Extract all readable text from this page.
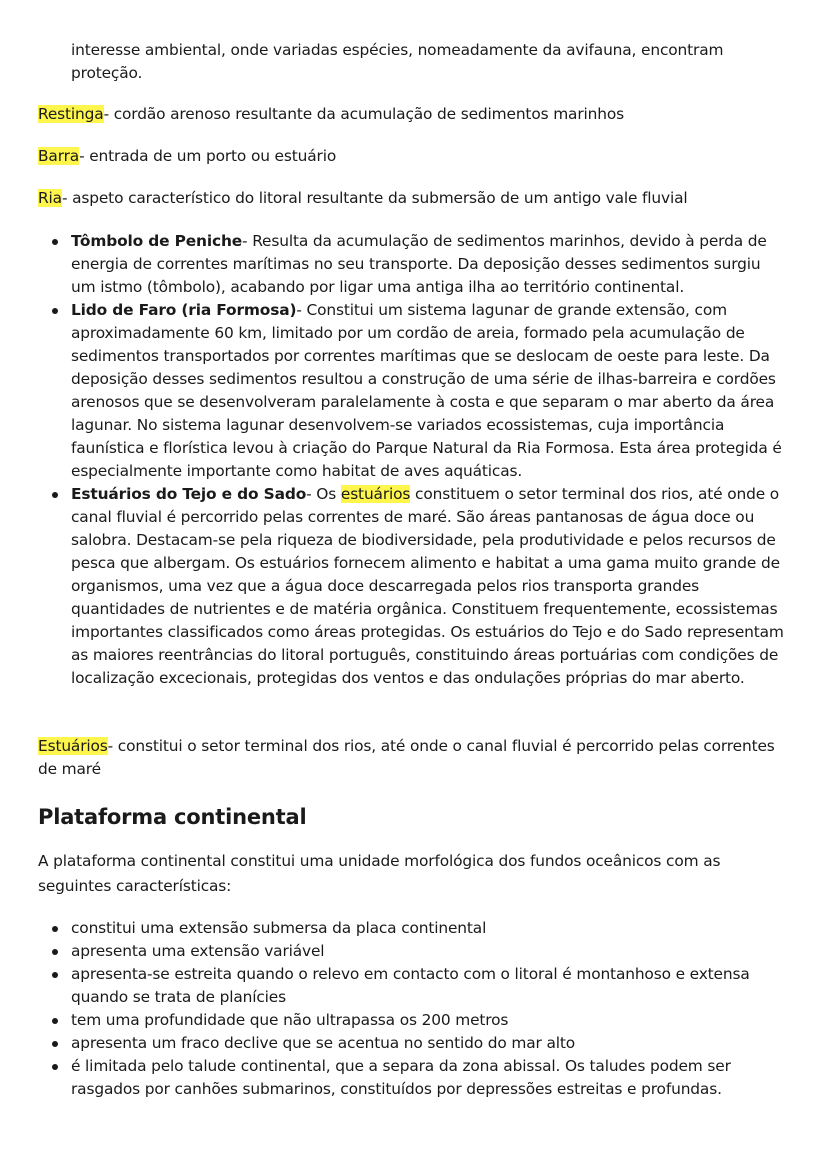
interesse ambiental, onde variadas espécies, nomeadamente da avifauna, encontram proteção.

Restinga- cordão arenoso resultante da acumulação de sedimentos marinhos

Barra- entrada de um porto ou estuário

Ria- aspeto característico do litoral resultante da submersão de um antigo vale fluvial

Tômbolo de Peniche- Resulta da acumulação de sedimentos marinhos, devido à perda de energia de correntes marítimas no seu transporte. Da deposição desses sedimentos surgiu um istmo (tômbolo), acabando por ligar uma antiga ilha ao território continental.
Lido de Faro (ria Formosa)- Constitui um sistema lagunar de grande extensão, com aproximadamente 60 km, limitado por um cordão de areia, formado pela acumulação de sedimentos transportados por correntes marítimas que se deslocam de oeste para leste. Da deposição desses sedimentos resultou a construção de uma série de ilhas-barreira e cordões arenosos que se desenvolveram paralelamente à costa e que separam o mar aberto da área lagunar. No sistema lagunar desenvolvem-se variados ecossistemas, cuja importância faunística e florística levou à criação do Parque Natural da Ria Formosa. Esta área protegida é especialmente importante como habitat de aves aquáticas.
Estuários do Tejo e do Sado- Os estuários constituem o setor terminal dos rios, até onde o canal fluvial é percorrido pelas correntes de maré. São áreas pantanosas de água doce ou salobra. Destacam-se pela riqueza de biodiversidade, pela produtividade e pelos recursos de pesca que albergam. Os estuários fornecem alimento e habitat a uma gama muito grande de organismos, uma vez que a água doce descarregada pelos rios transporta grandes quantidades de nutrientes e de matéria orgânica. Constituem frequentemente, ecossistemas importantes classificados como áreas protegidas. Os estuários do Tejo e do Sado representam as maiores reentrâncias do litoral português, constituindo áreas portuárias com condições de localização excecionais, protegidas dos ventos e das ondulações próprias do mar aberto.

Estuários- constitui o setor terminal dos rios, até onde o canal fluvial é percorrido pelas correntes de maré

Plataforma continental

A plataforma continental constitui uma unidade morfológica dos fundos oceânicos com as seguintes características:

constitui uma extensão submersa da placa continental
apresenta uma extensão variável
apresenta-se estreita quando o relevo em contacto com o litoral é montanhoso e extensa quando se trata de planícies
tem uma profundidade que não ultrapassa os 200 metros
apresenta um fraco declive que se acentua no sentido do mar alto
é limitada pelo talude continental, que a separa da zona abissal. Os taludes podem ser rasgados por canhões submarinos, constituídos por depressões estreitas e profundas.
